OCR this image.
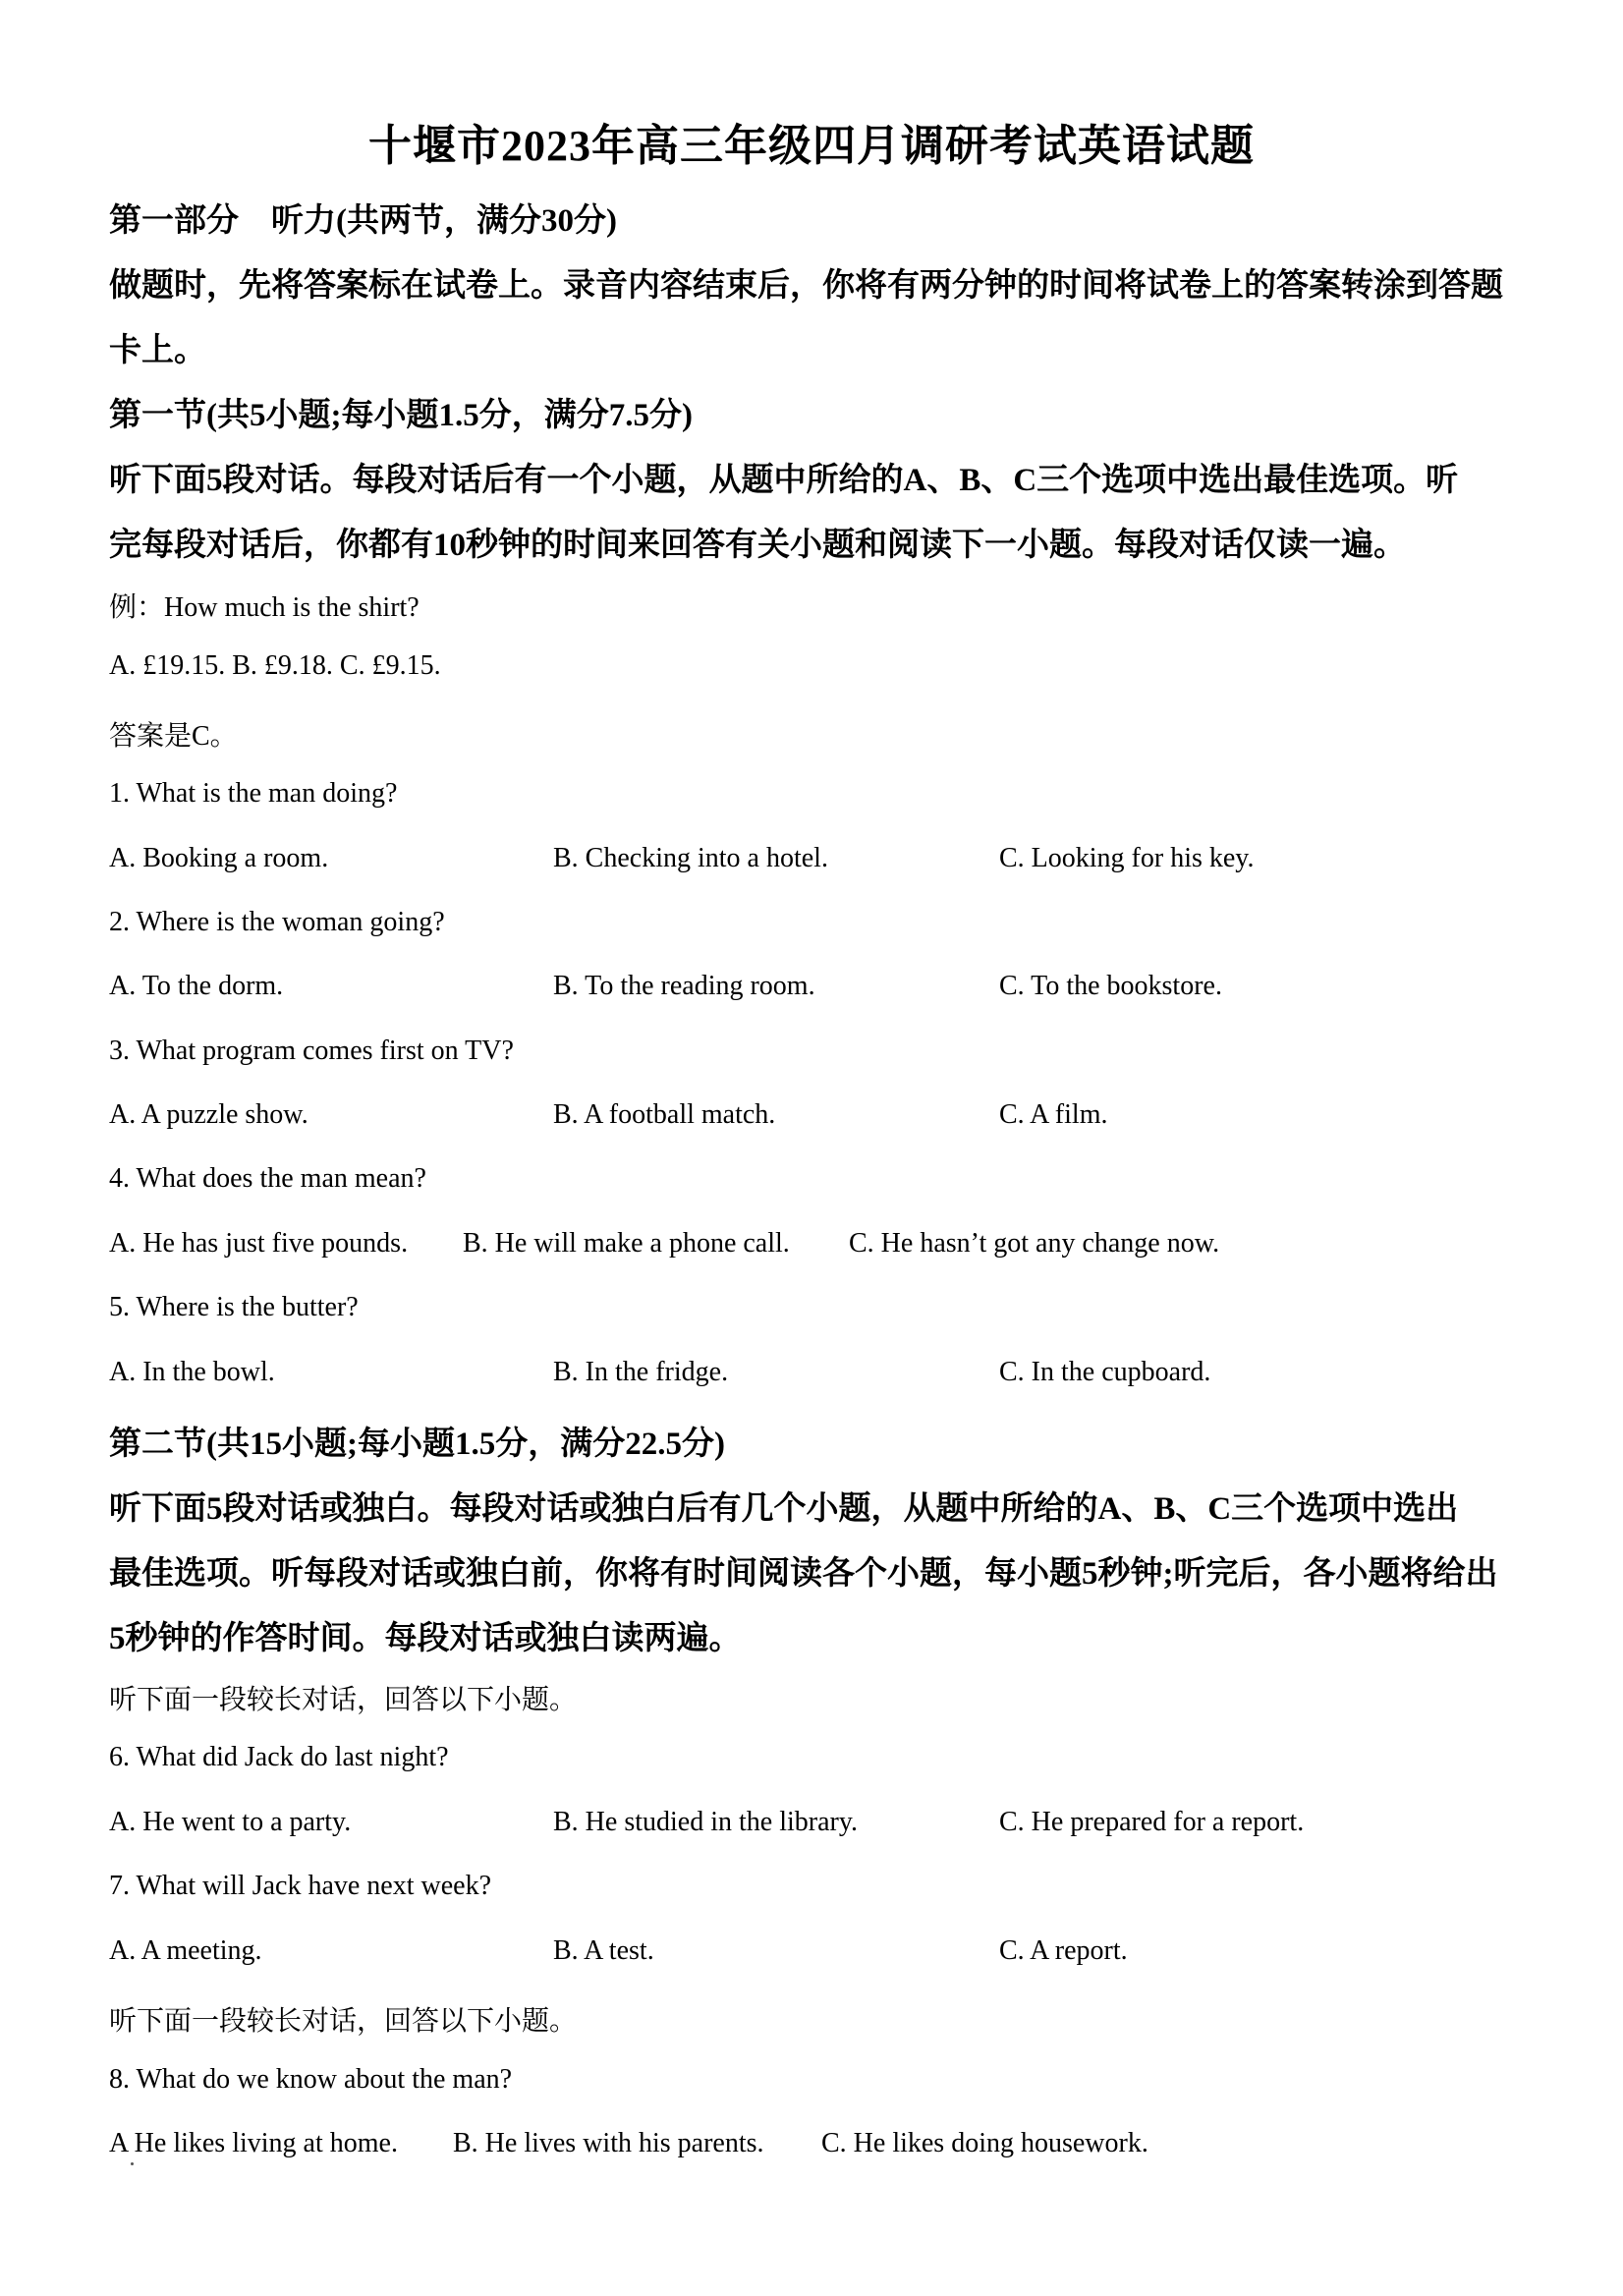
十堰市2023年高三年级四月调研考试英语试题
第一部分　听力(共两节，满分30分)
做题时，先将答案标在试卷上。录音内容结束后，你将有两分钟的时间将试卷上的答案转涂到答题
卡上。
第一节(共5小题;每小题1.5分，满分7.5分)
听下面5段对话。每段对话后有一个小题，从题中所给的A、B、C三个选项中选出最佳选项。听
完每段对话后，你都有10秒钟的时间来回答有关小题和阅读下一小题。每段对话仅读一遍。
例：How much is the shirt?
A. £19.15. B. £9.18. C. £9.15.
答案是C。
1. What is the man doing?
A. Booking a room.	B. Checking into a hotel.	C. Looking for his key.
2. Where is the woman going?
A. To the dorm.	B. To the reading room.	C. To the bookstore.
3. What program comes first on TV?
A. A puzzle show.	B. A football match.	C. A film.
4. What does the man mean?
A. He has just five pounds. B. He will make a phone call. C. He hasn’t got any change now.
5. Where is the butter?
A. In the bowl.	B. In the fridge.	C. In the cupboard.
第二节(共15小题;每小题1.5分，满分22.5分)
听下面5段对话或独白。每段对话或独白后有几个小题，从题中所给的A、B、C三个选项中选出
最佳选项。听每段对话或独白前，你将有时间阅读各个小题，每小题5秒钟;听完后，各小题将给出
5秒钟的作答时间。每段对话或独白读两遍。
听下面一段较长对话，回答以下小题。
6. What did Jack do last night?
A. He went to a party.	B. He studied in the library.	C. He prepared for a report.
7. What will Jack have next week?
A. A meeting.	B. A test.	C. A report.
听下面一段较长对话，回答以下小题。
8. What do we know about the man?
A He likes living at home. B. He lives with his parents. C. He likes doing housework.
